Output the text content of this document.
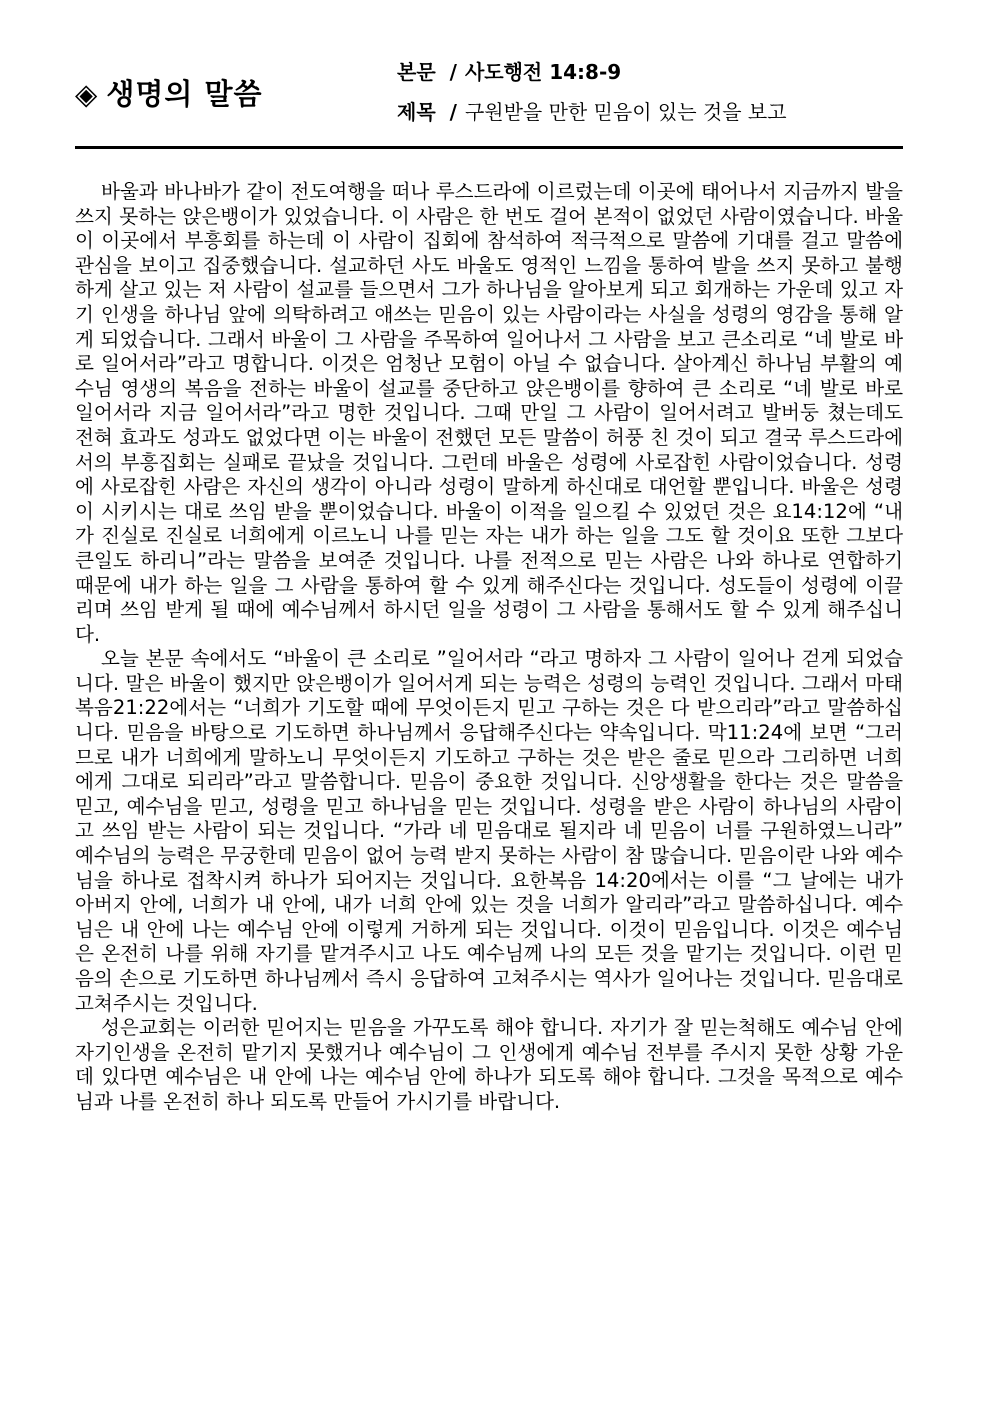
◈ 생명의 말씀
본문 / 사도행전 14:8-9
제목 / 구원받을 만한 믿음이 있는 것을 보고

바울과 바나바가 같이 전도여행을 떠나 루스드라에 이르렀는데 이곳에 태어나서 지금까지 발을 쓰지 못하는 앉은뱅이가 있었습니다. 이 사람은 한 번도 걸어 본적이 없었던 사람이였습니다. 바울이 이곳에서 부흥회를 하는데 이 사람이 집회에 참석하여 적극적으로 말씀에 기대를 걸고 말씀에 관심을 보이고 집중했습니다. 설교하던 사도 바울도 영적인 느낌을 통하여 발을 쓰지 못하고 불행하게 살고 있는 저 사람이 설교를 들으면서 그가 하나님을 알아보게 되고 회개하는 가운데 있고 자기 인생을 하나님 앞에 의탁하려고 애쓰는 믿음이 있는 사람이라는 사실을 성령의 영감을 통해 알게 되었습니다. 그래서 바울이 그 사람을 주목하여 일어나서 그 사람을 보고 큰소리로 “네 발로 바로 일어서라”라고 명합니다. 이것은 엄청난 모험이 아닐 수 없습니다. 살아계신 하나님 부활의 예수님 영생의 복음을 전하는 바울이 설교를 중단하고 앉은뱅이를 향하여 큰 소리로 “네 발로 바로 일어서라 지금 일어서라”라고 명한 것입니다. 그때 만일 그 사람이 일어서려고 발버둥 쳤는데도 전혀 효과도 성과도 없었다면 이는 바울이 전했던 모든 말씀이 허풍 친 것이 되고 결국 루스드라에서의 부흥집회는 실패로 끝났을 것입니다. 그런데 바울은 성령에 사로잡힌 사람이었습니다. 성령에 사로잡힌 사람은 자신의 생각이 아니라 성령이 말하게 하신대로 대언할 뿐입니다. 바울은 성령이 시키시는 대로 쓰임 받을 뿐이었습니다. 바울이 이적을 일으킬 수 있었던 것은 요14:12에 “내가 진실로 진실로 너희에게 이르노니 나를 믿는 자는 내가 하는 일을 그도 할 것이요 또한 그보다 큰일도 하리니”라는 말씀을 보여준 것입니다. 나를 전적으로 믿는 사람은 나와 하나로 연합하기 때문에 내가 하는 일을 그 사람을 통하여 할 수 있게 해주신다는 것입니다. 성도들이 성령에 이끌리며 쓰임 받게 될 때에 예수님께서 하시던 일을 성령이 그 사람을 통해서도 할 수 있게 해주십니다.

오늘 본문 속에서도 “바울이 큰 소리로 ”일어서라 “라고 명하자 그 사람이 일어나 걷게 되었습니다. 말은 바울이 했지만 앉은뱅이가 일어서게 되는 능력은 성령의 능력인 것입니다. 그래서 마태복음21:22에서는 “너희가 기도할 때에 무엇이든지 믿고 구하는 것은 다 받으리라”라고 말씀하십니다. 믿음을 바탕으로 기도하면 하나님께서 응답해주신다는 약속입니다. 막11:24에 보면 “그러므로 내가 너희에게 말하노니 무엇이든지 기도하고 구하는 것은 받은 줄로 믿으라 그리하면 너희에게 그대로 되리라”라고 말씀합니다. 믿음이 중요한 것입니다. 신앙생활을 한다는 것은 말씀을 믿고, 예수님을 믿고, 성령을 믿고 하나님을 믿는 것입니다. 성령을 받은 사람이 하나님의 사람이고 쓰임 받는 사람이 되는 것입니다. “가라 네 믿음대로 될지라 네 믿음이 너를 구원하였느니라” 예수님의 능력은 무궁한데 믿음이 없어 능력 받지 못하는 사람이 참 많습니다. 믿음이란 나와 예수님을 하나로 접착시켜 하나가 되어지는 것입니다. 요한복음 14:20에서는 이를 “그 날에는 내가 아버지 안에, 너희가 내 안에, 내가 너희 안에 있는 것을 너희가 알리라”라고 말씀하십니다. 예수님은 내 안에 나는 예수님 안에 이렇게 거하게 되는 것입니다. 이것이 믿음입니다. 이것은 예수님은 온전히 나를 위해 자기를 맡겨주시고 나도 예수님께 나의 모든 것을 맡기는 것입니다. 이런 믿음의 손으로 기도하면 하나님께서 즉시 응답하여 고쳐주시는 역사가 일어나는 것입니다. 믿음대로 고쳐주시는 것입니다.

성은교회는 이러한 믿어지는 믿음을 가꾸도록 해야 합니다. 자기가 잘 믿는척해도 예수님 안에 자기인생을 온전히 맡기지 못했거나 예수님이 그 인생에게 예수님 전부를 주시지 못한 상황 가운데 있다면 예수님은 내 안에 나는 예수님 안에 하나가 되도록 해야 합니다. 그것을 목적으로 예수님과 나를 온전히 하나 되도록 만들어 가시기를 바랍니다.
